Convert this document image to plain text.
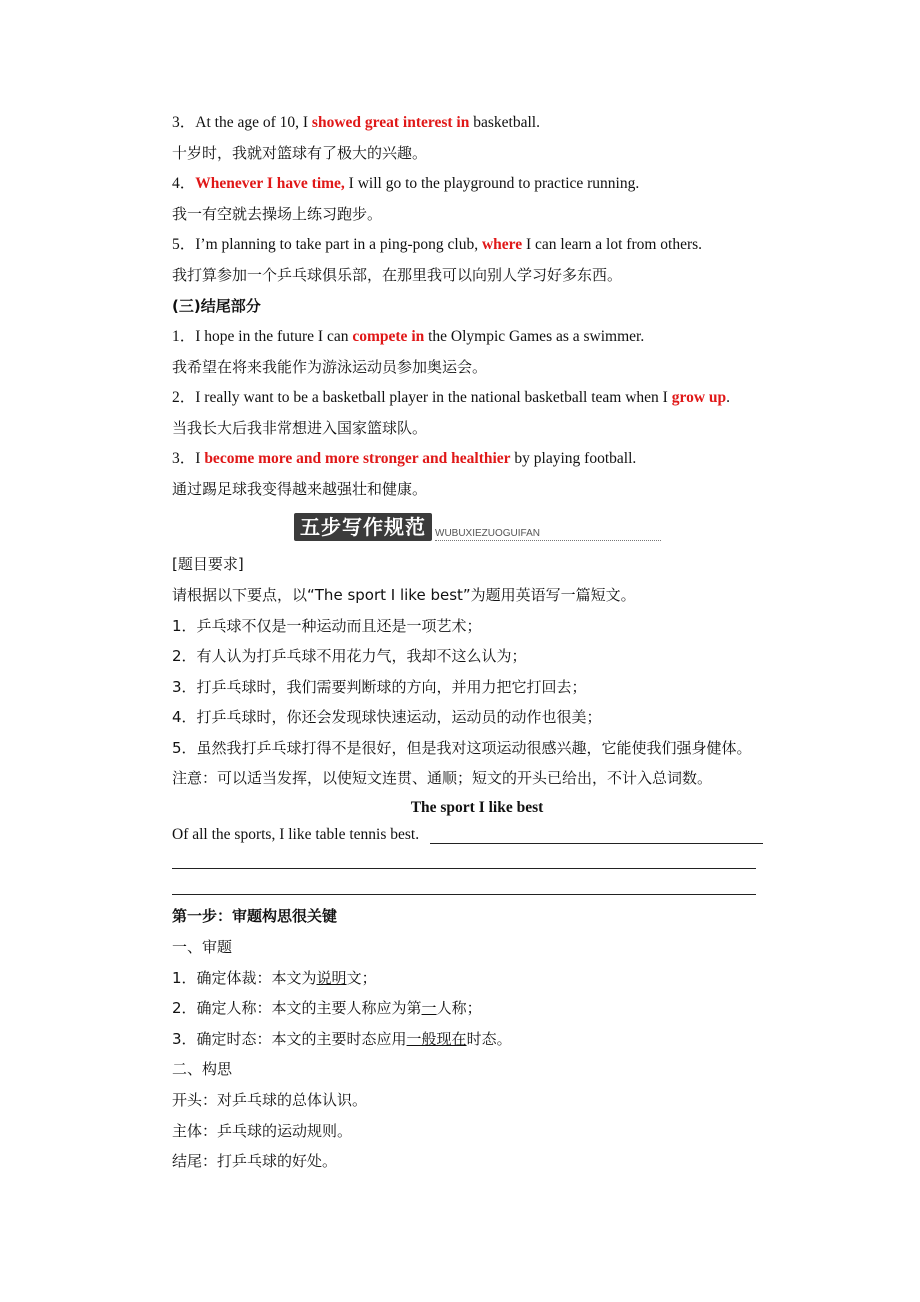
3．At the age of 10, I showed great interest in basketball.
十岁时，我就对篮球有了极大的兴趣。
4．Whenever I have time, I will go to the playground to practice running.
我一有空就去操场上练习跑步。
5．I’m planning to take part in a ping-pong club, where I can learn a lot from others.
我打算参加一个乒乓球俱乐部，在那里我可以向别人学习好多东西。
(三)结尾部分
1．I hope in the future I can compete in the Olympic Games as a swimmer.
我希望在将来我能作为游泳运动员参加奥运会。
2．I really want to be a basketball player in the national basketball team when I grow up.
当我长大后我非常想进入国家篮球队。
3．I become more and more stronger and healthier by playing football.
通过踢足球我变得越来越强壮和健康。
五步写作规范 WUBUXIEZUOGUIFAN
[题目要求]
请根据以下要点，以“The sport I like best”为题用英语写一篇短文。
1．乒乓球不仅是一种运动而且还是一项艺术；
2．有人认为打乒乓球不用花力气，我却不这么认为；
3．打乒乓球时，我们需要判断球的方向，并用力把它打回去；
4．打乒乓球时，你还会发现球快速运动，运动员的动作也很美；
5．虽然我打乒乓球打得不是很好，但是我对这项运动很感兴趣，它能使我们强身健体。
注意：可以适当发挥，以使短文连贯、通顺；短文的开头已给出，不计入总词数。
The sport I like best
Of all the sports, I like table tennis best.
第一步：审题构思很关键
一、审题
1．确定体裁：本文为说明文；
2．确定人称：本文的主要人称应为第一人称；
3．确定时态：本文的主要时态应用一般现在时态。
二、构思
开头：对乒乓球的总体认识。
主体：乒乓球的运动规则。
结尾：打乒乓球的好处。
